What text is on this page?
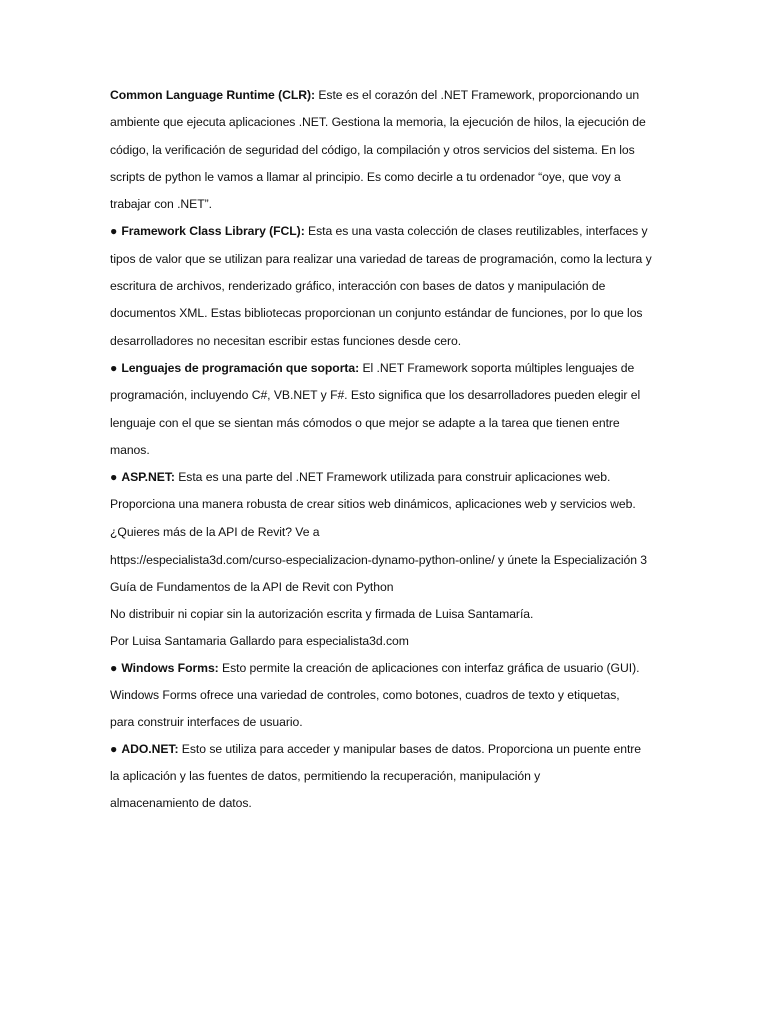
Common Language Runtime (CLR): Este es el corazón del .NET Framework, proporcionando un ambiente que ejecuta aplicaciones .NET. Gestiona la memoria, la ejecución de hilos, la ejecución de código, la verificación de seguridad del código, la compilación y otros servicios del sistema. En los scripts de python le vamos a llamar al principio. Es como decirle a tu ordenador “oye, que voy a trabajar con .NET”.

● Framework Class Library (FCL): Esta es una vasta colección de clases reutilizables, interfaces y tipos de valor que se utilizan para realizar una variedad de tareas de programación, como la lectura y escritura de archivos, renderizado gráfico, interacción con bases de datos y manipulación de documentos XML. Estas bibliotecas proporcionan un conjunto estándar de funciones, por lo que los desarrolladores no necesitan escribir estas funciones desde cero.

● Lenguajes de programación que soporta: El .NET Framework soporta múltiples lenguajes de programación, incluyendo C#, VB.NET y F#. Esto significa que los desarrolladores pueden elegir el lenguaje con el que se sientan más cómodos o que mejor se adapte a la tarea que tienen entre manos.

● ASP.NET: Esta es una parte del .NET Framework utilizada para construir aplicaciones web. Proporciona una manera robusta de crear sitios web dinámicos, aplicaciones web y servicios web.

¿Quieres más de la API de Revit? Ve a

https://especialista3d.com/curso-especializacion-dynamo-python-online/ y únete la Especialización 3

Guía de Fundamentos de la API de Revit con Python

No distribuir ni copiar sin la autorización escrita y firmada de Luisa Santamaría.

Por Luisa Santamaria Gallardo para especialista3d.com

● Windows Forms: Esto permite la creación de aplicaciones con interfaz gráfica de usuario (GUI).

Windows Forms ofrece una variedad de controles, como botones, cuadros de texto y etiquetas,

para construir interfaces de usuario.

● ADO.NET: Esto se utiliza para acceder y manipular bases de datos. Proporciona un puente entre

la aplicación y las fuentes de datos, permitiendo la recuperación, manipulación y

almacenamiento de datos.
